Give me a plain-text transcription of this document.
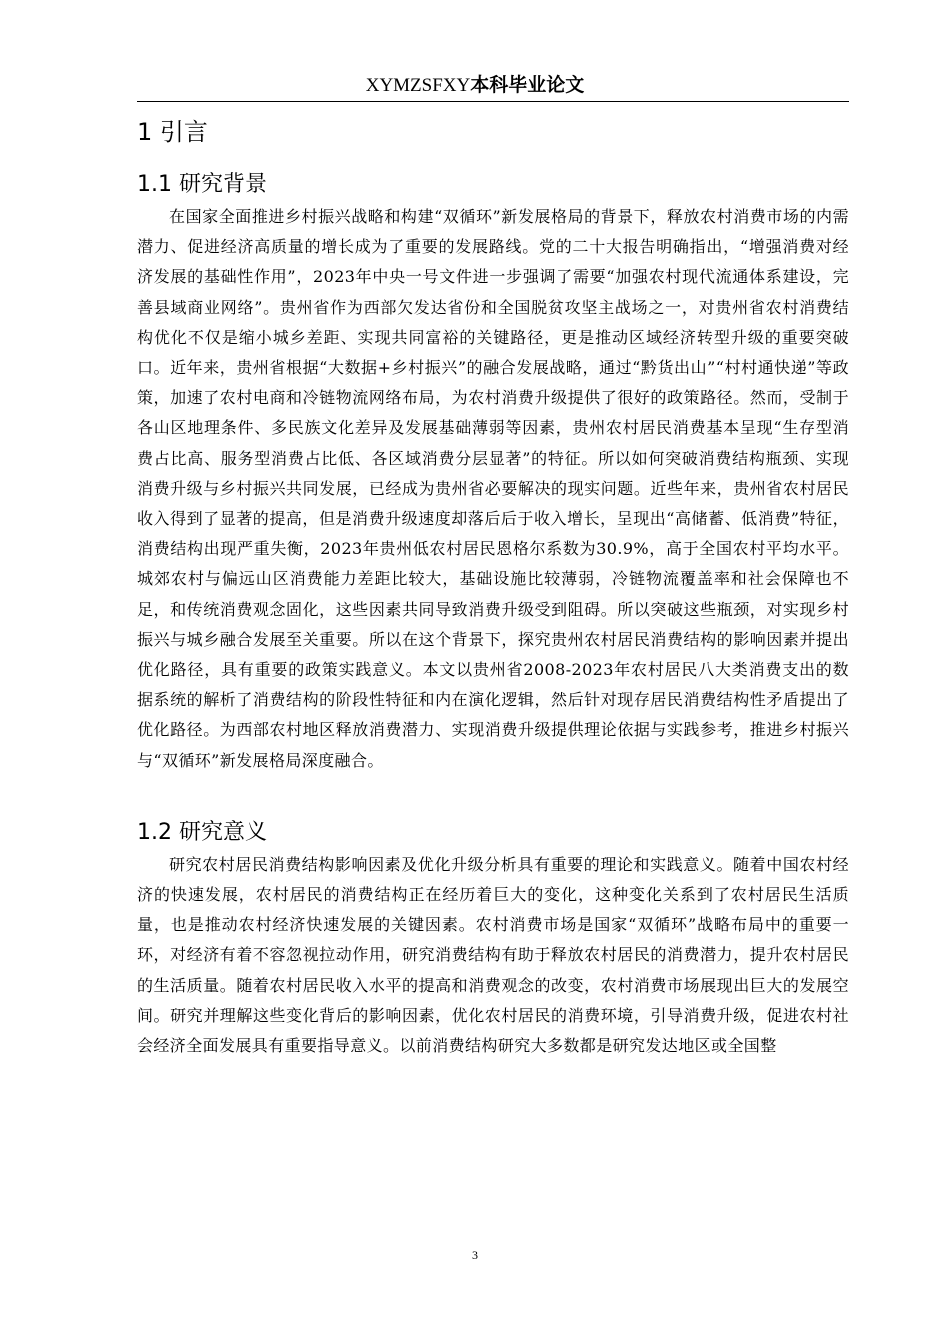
XYMZSFXY本科毕业论文
1 引言
1.1 研究背景

在国家全面推进乡村振兴战略和构建“双循环”新发展格局的背景下，释放农村消费市场的内需潜力、促进经济高质量的增长成为了重要的发展路线。党的二十大报告明确指出，“增强消费对经济发展的基础性作用”，2023年中央一号文件进一步强调了需要“加强农村现代流通体系建设，完善县域商业网络”。贵州省作为西部欠发达省份和全国脱贫攻坚主战场之一，对贵州省农村消费结构优化不仅是缩小城乡差距、实现共同富裕的关键路径，更是推动区域经济转型升级的重要突破口。近年来，贵州省根据“大数据+乡村振兴”的融合发展战略，通过“黔货出山”“村村通快递”等政策，加速了农村电商和冷链物流网络布局，为农村消费升级提供了很好的政策路径。然而，受制于各山区地理条件、多民族文化差异及发展基础薄弱等因素，贵州农村居民消费基本呈现“生存型消费占比高、服务型消费占比低、各区域消费分层显著”的特征。所以如何突破消费结构瓶颈、实现消费升级与乡村振兴共同发展，已经成为贵州省必要解决的现实问题。近些年来，贵州省农村居民收入得到了显著的提高，但是消费升级速度却落后后于收入增长，呈现出“高储蓄、低消费”特征，消费结构出现严重失衡，2023年贵州低农村居民恩格尔系数为30.9%，高于全国农村平均水平。城郊农村与偏远山区消费能力差距比较大，基础设施比较薄弱，冷链物流覆盖率和社会保障也不足，和传统消费观念固化，这些因素共同导致消费升级受到阻碍。所以突破这些瓶颈，对实现乡村振兴与城乡融合发展至关重要。所以在这个背景下，探究贵州农村居民消费结构的影响因素并提出优化路径，具有重要的政策实践意义。本文以贵州省2008-2023年农村居民八大类消费支出的数据系统的解析了消费结构的阶段性特征和内在演化逻辑，然后针对现存居民消费结构性矛盾提出了优化路径。为西部农村地区释放消费潜力、实现消费升级提供理论依据与实践参考，推进乡村振兴与“双循环”新发展格局深度融合。

1.2 研究意义

研究农村居民消费结构影响因素及优化升级分析具有重要的理论和实践意义。随着中国农村经济的快速发展，农村居民的消费结构正在经历着巨大的变化，这种变化关系到了农村居民生活质量，也是推动农村经济快速发展的关键因素。农村消费市场是国家“双循环”战略布局中的重要一环，对经济有着不容忽视拉动作用，研究消费结构有助于释放农村居民的消费潜力，提升农村居民的生活质量。随着农村居民收入水平的提高和消费观念的改变，农村消费市场展现出巨大的发展空间。研究并理解这些变化背后的影响因素，优化农村居民的消费环境，引导消费升级，促进农村社会经济全面发展具有重要指导意义。以前消费结构研究大多数都是研究发达地区或全国整

3
